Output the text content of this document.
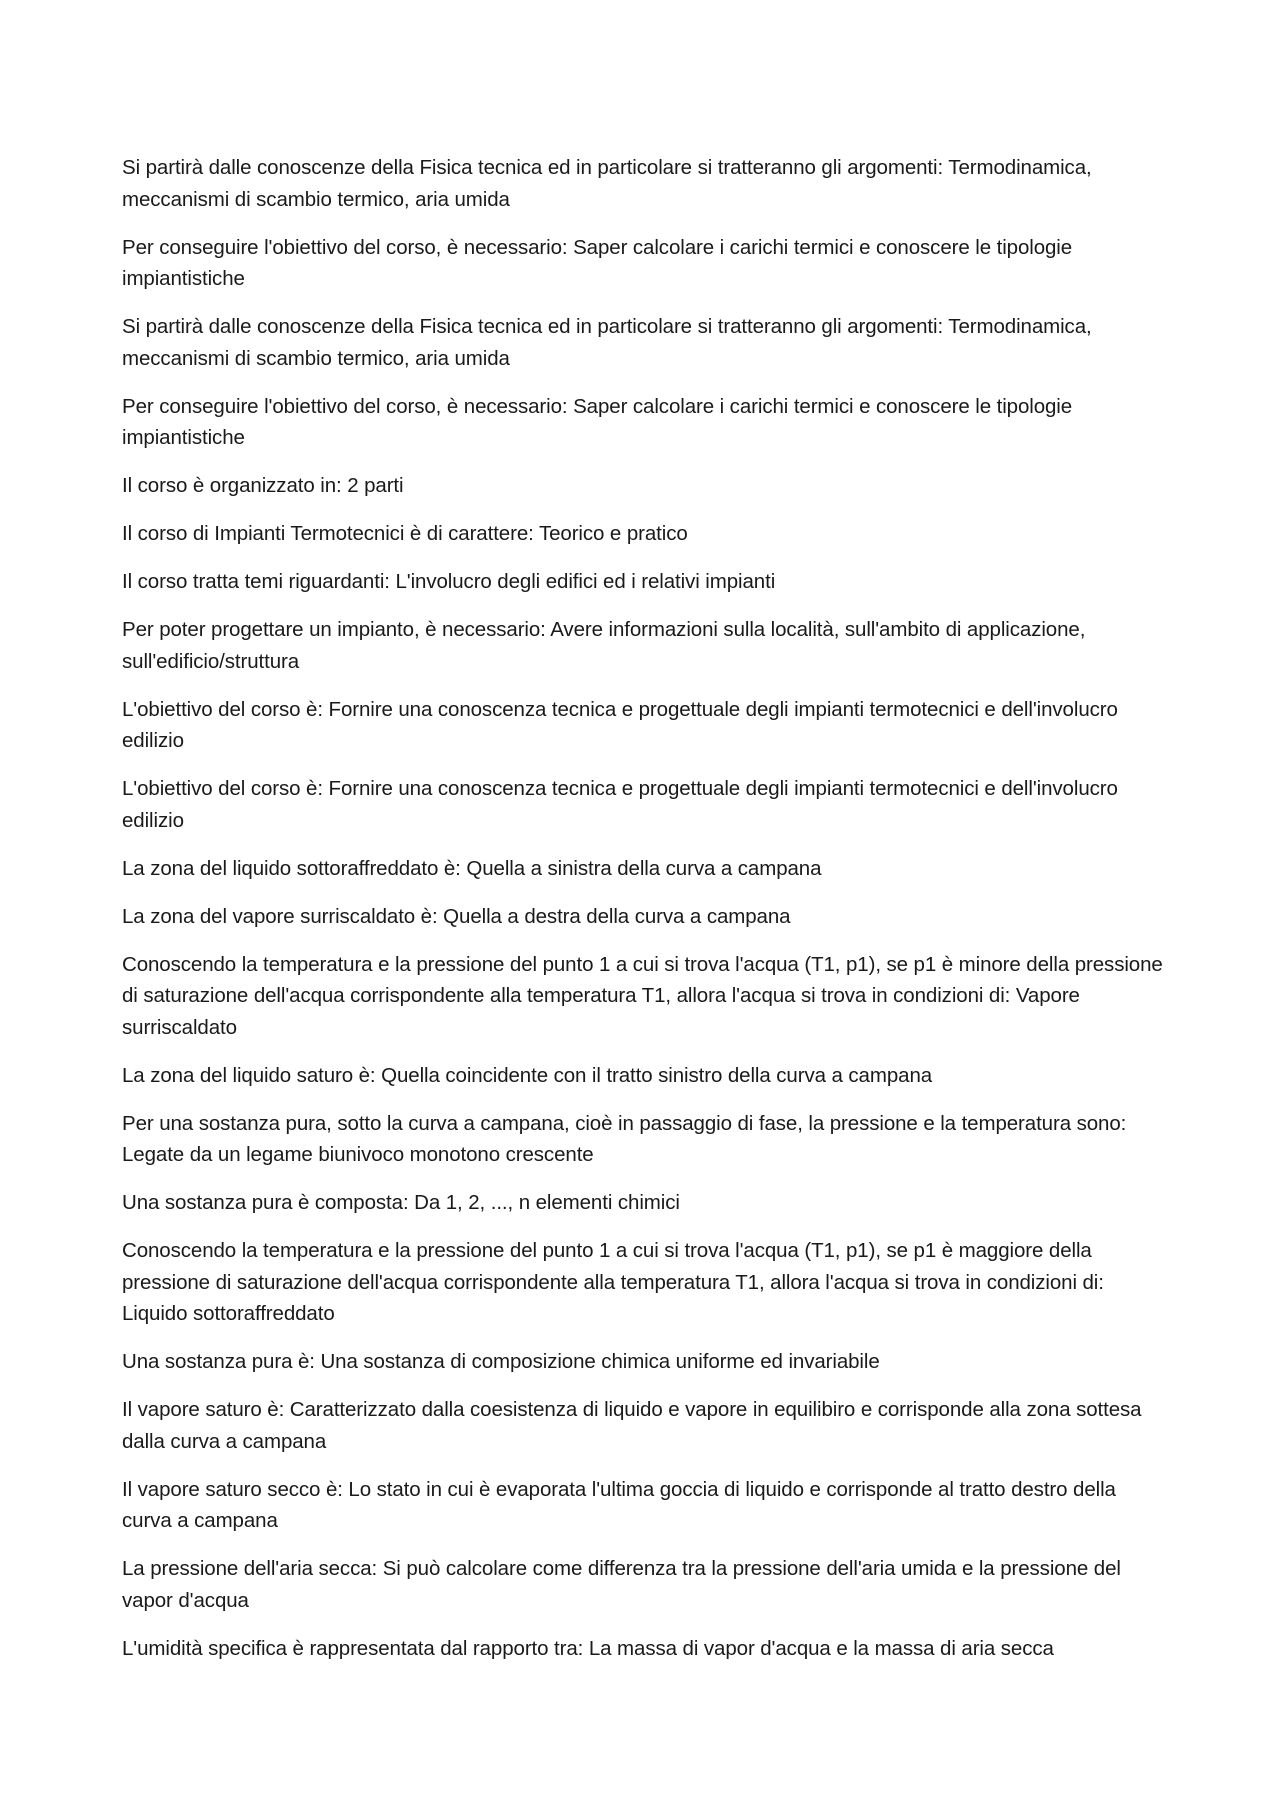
Si partirà dalle conoscenze della Fisica tecnica ed in particolare si tratteranno gli argomenti: Termodinamica, meccanismi di scambio termico, aria umida

Per conseguire l'obiettivo del corso, è necessario: Saper calcolare i carichi termici e conoscere le tipologie impiantistiche

Si partirà dalle conoscenze della Fisica tecnica ed in particolare si tratteranno gli argomenti: Termodinamica, meccanismi di scambio termico, aria umida

Per conseguire l'obiettivo del corso, è necessario: Saper calcolare i carichi termici e conoscere le tipologie impiantistiche

Il corso è organizzato in: 2 parti

Il corso di Impianti Termotecnici è di carattere: Teorico e pratico

Il corso tratta temi riguardanti: L'involucro degli edifici ed i relativi impianti

Per poter progettare un impianto, è necessario: Avere informazioni sulla località, sull'ambito di applicazione, sull'edificio/struttura

L'obiettivo del corso è: Fornire una conoscenza tecnica e progettuale degli impianti termotecnici e dell'involucro edilizio

L'obiettivo del corso è: Fornire una conoscenza tecnica e progettuale degli impianti termotecnici e dell'involucro edilizio

La zona del liquido sottoraffreddato è: Quella a sinistra della curva a campana

La zona del vapore surriscaldato è: Quella a destra della curva a campana

Conoscendo la temperatura e la pressione del punto 1 a cui si trova l'acqua (T1, p1), se p1 è minore della pressione di saturazione dell'acqua corrispondente alla temperatura T1, allora l'acqua si trova in condizioni di: Vapore surriscaldato

La zona del liquido saturo è: Quella coincidente con il tratto sinistro della curva a campana

Per una sostanza pura, sotto la curva a campana, cioè in passaggio di fase, la pressione e la temperatura sono: Legate da un legame biunivoco monotono crescente

Una sostanza pura è composta: Da 1, 2, ..., n elementi chimici

Conoscendo la temperatura e la pressione del punto 1 a cui si trova l'acqua (T1, p1), se p1 è maggiore della pressione di saturazione dell'acqua corrispondente alla temperatura T1, allora l'acqua si trova in condizioni di: Liquido sottoraffreddato

Una sostanza pura è: Una sostanza di composizione chimica uniforme ed invariabile

Il vapore saturo è: Caratterizzato dalla coesistenza di liquido e vapore in equilibiro e corrisponde alla zona sottesa dalla curva a campana

Il vapore saturo secco è: Lo stato in cui è evaporata l'ultima goccia di liquido e corrisponde al tratto destro della curva a campana

La pressione dell'aria secca: Si può calcolare come differenza tra la pressione dell'aria umida e la pressione del vapor d'acqua

L'umidità specifica è rappresentata dal rapporto tra: La massa di vapor d'acqua e la massa di aria secca
